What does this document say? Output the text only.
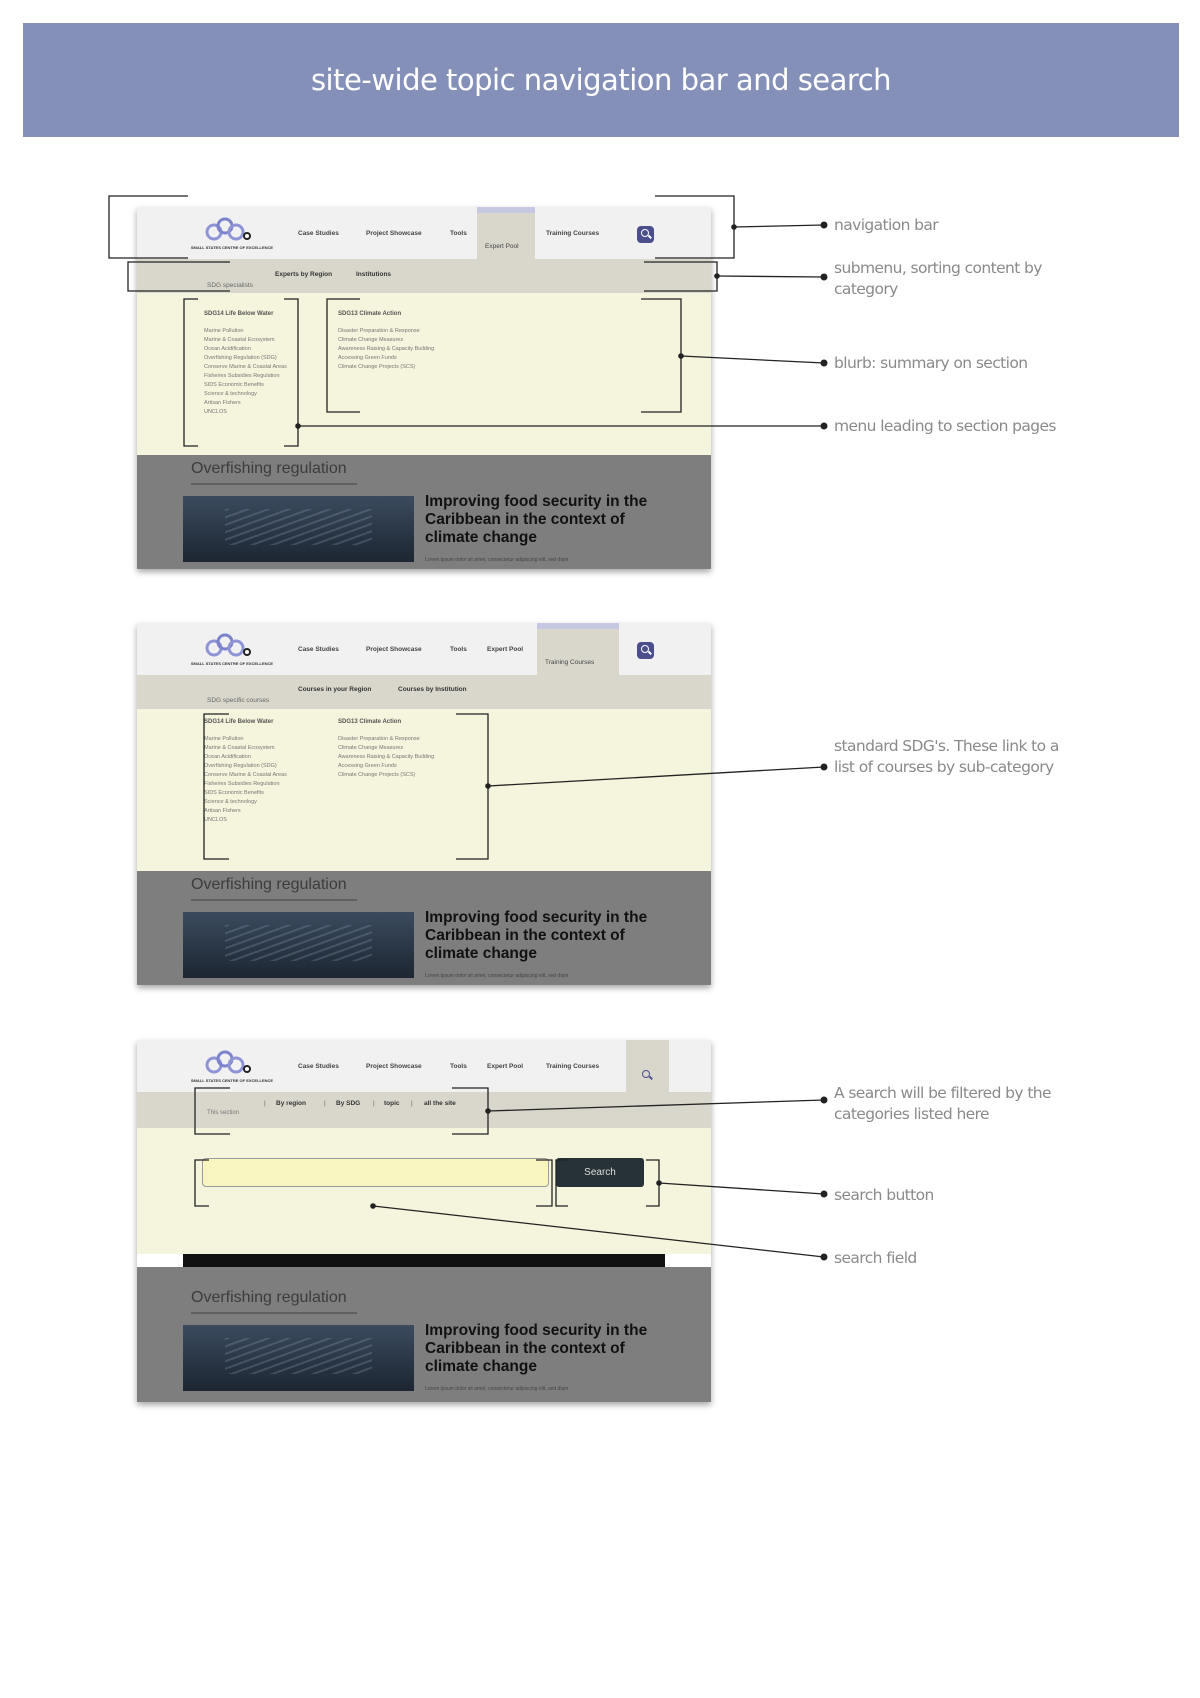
site-wide topic navigation bar and search
SMALL STATES CENTRE OF EXCELLENCE
Case Studies	Project Showcase	Tools
Expert Pool
Training Courses
SDG specialists
Experts by Region	Institutions
SDG14 Life Below Water
Marine Pollution
Marine & Coastal Ecosystem
Ocean Acidification
Overfishing Regulation (SDG)
Conserve Marine & Coastal Areas
Fisheries Subsidies Regulation
SIDS Economic Benefits
Science & technology
Artisan Fishers
UNCLOS
SDG13 Climate Action
Disaster Preparation & Response
Climate Change Measures
Awareness Raising & Capacity Building
Accessing Green Funds
Climate Change Projects (SCS)
Overfishing regulation
Improving food security in the Caribbean in the context of climate change
Lorem ipsum dolor sit amet, consectetur adipiscing elit, sed diam
SMALL STATES CENTRE OF EXCELLENCE
Case Studies	Project Showcase	Tools	Expert Pool
Training Courses
SDG specific courses
Courses in your Region	Courses by Institution
SDG14 Life Below Water
Marine Pollution
Marine & Coastal Ecosystem
Ocean Acidification
Overfishing Regulation (SDG)
Conserve Marine & Coastal Areas
Fisheries Subsidies Regulation
SIDS Economic Benefits
Science & technology
Artisan Fishers
UNCLOS
SDG13 Climate Action
Disaster Preparation & Response
Climate Change Measures
Awareness Raising & Capacity Building
Accessing Green Funds
Climate Change Projects (SCS)
Overfishing regulation
Improving food security in the Caribbean in the context of climate change
Lorem ipsum dolor sit amet, consectetur adipiscing elit, sed diam
SMALL STATES CENTRE OF EXCELLENCE
Case Studies	Project Showcase	Tools	Expert Pool	Training Courses
This section
| By region	| By SDG | topic | all the site
Search
Overfishing regulation
Improving food security in the Caribbean in the context of climate change
Lorem ipsum dolor sit amet, consectetur adipiscing elit, sed diam
navigation bar
submenu, sorting content by category
blurb: summary on section
menu leading to section pages
standard SDG's. These link to a list of courses by sub-category
A search will be filtered by the categories listed here
search button
search field
